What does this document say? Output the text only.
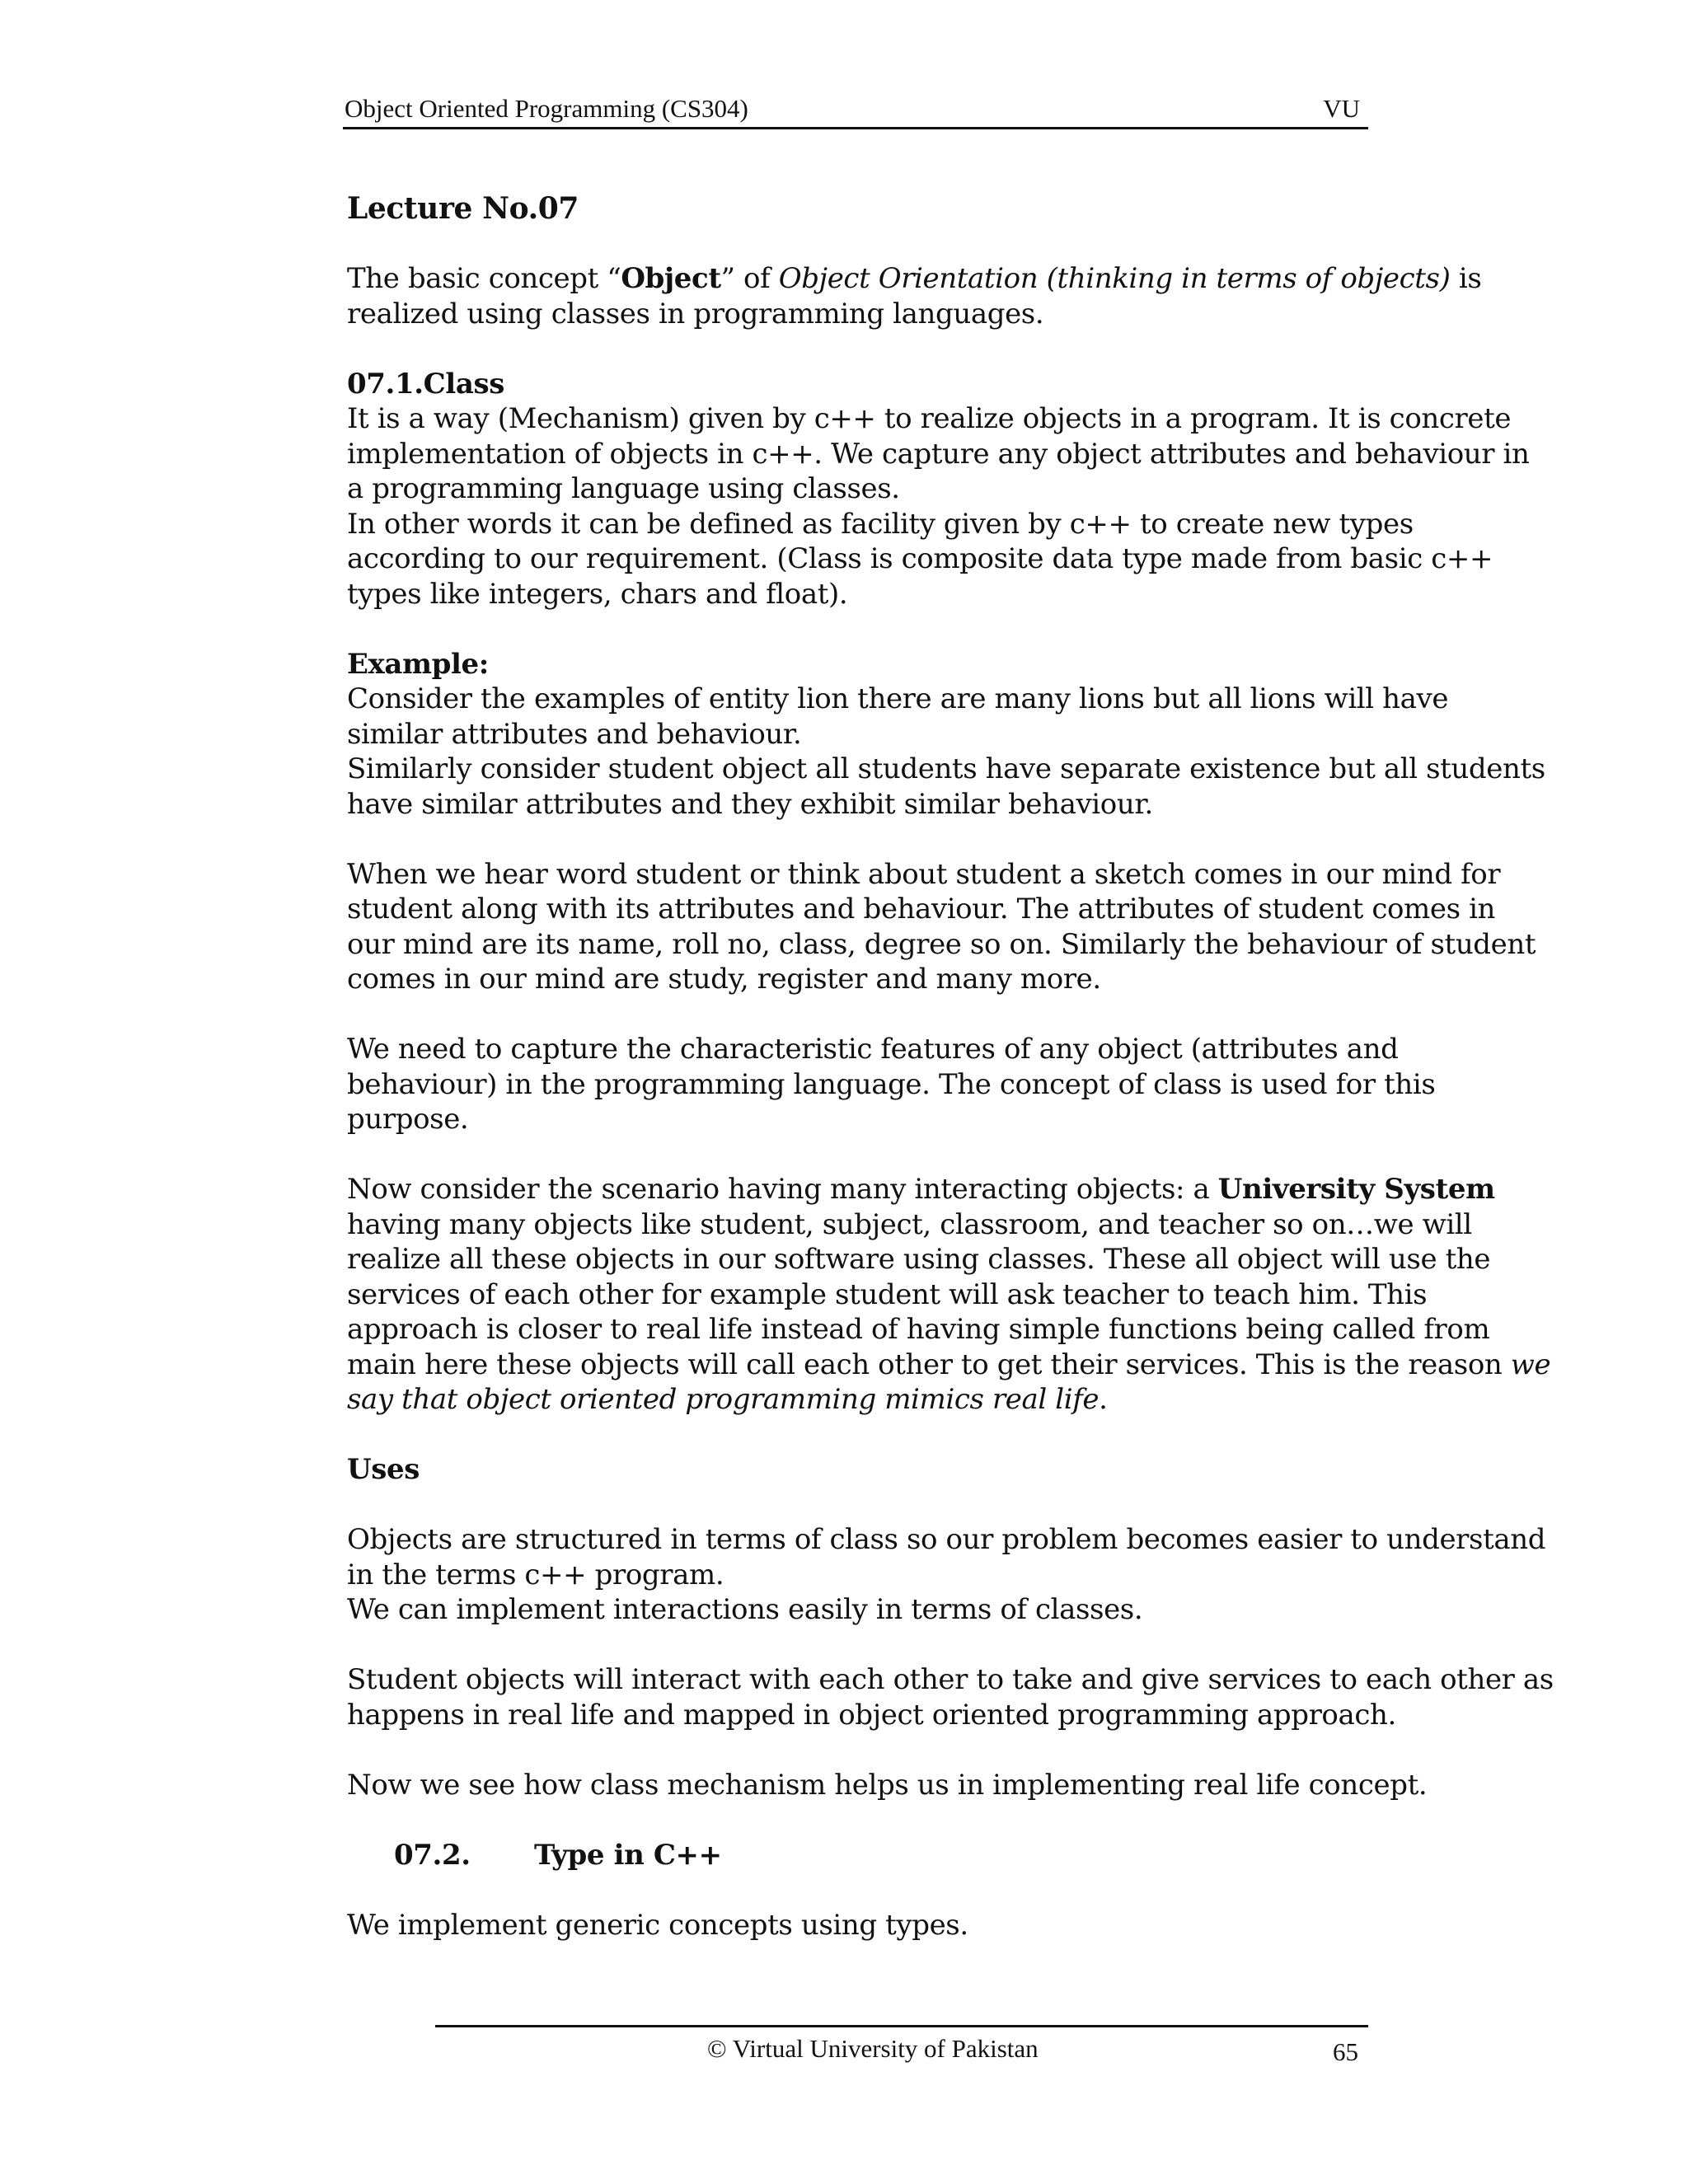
Object Oriented Programming (CS304)	VU
Lecture No.07

The basic concept “Object” of Object Orientation (thinking in terms of objects) is
realized using classes in programming languages.

07.1.Class
It is a way (Mechanism) given by c++ to realize objects in a program. It is concrete
implementation of objects in c++. We capture any object attributes and behaviour in
a programming language using classes.
In other words it can be defined as facility given by c++ to create new types
according to our requirement. (Class is composite data type made from basic c++
types like integers, chars and float).

Example:
Consider the examples of entity lion there are many lions but all lions will have
similar attributes and behaviour.
Similarly consider student object all students have separate existence but all students
have similar attributes and they exhibit similar behaviour.

When we hear word student or think about student a sketch comes in our mind for
student along with its attributes and behaviour. The attributes of student comes in
our mind are its name, roll no, class, degree so on. Similarly the behaviour of student
comes in our mind are study, register and many more.

We need to capture the characteristic features of any object (attributes and
behaviour) in the programming language. The concept of class is used for this
purpose.

Now consider the scenario having many interacting objects: a University System
having many objects like student, subject, classroom, and teacher so on…we will
realize all these objects in our software using classes. These all object will use the
services of each other for example student will ask teacher to teach him. This
approach is closer to real life instead of having simple functions being called from
main here these objects will call each other to get their services. This is the reason we
say that object oriented programming mimics real life.

Uses

Objects are structured in terms of class so our problem becomes easier to understand
in the terms c++ program.
We can implement interactions easily in terms of classes.

Student objects will interact with each other to take and give services to each other as
happens in real life and mapped in object oriented programming approach.

Now we see how class mechanism helps us in implementing real life concept.

07.2. Type in C++

We implement generic concepts using types.

© Virtual University of Pakistan	65
